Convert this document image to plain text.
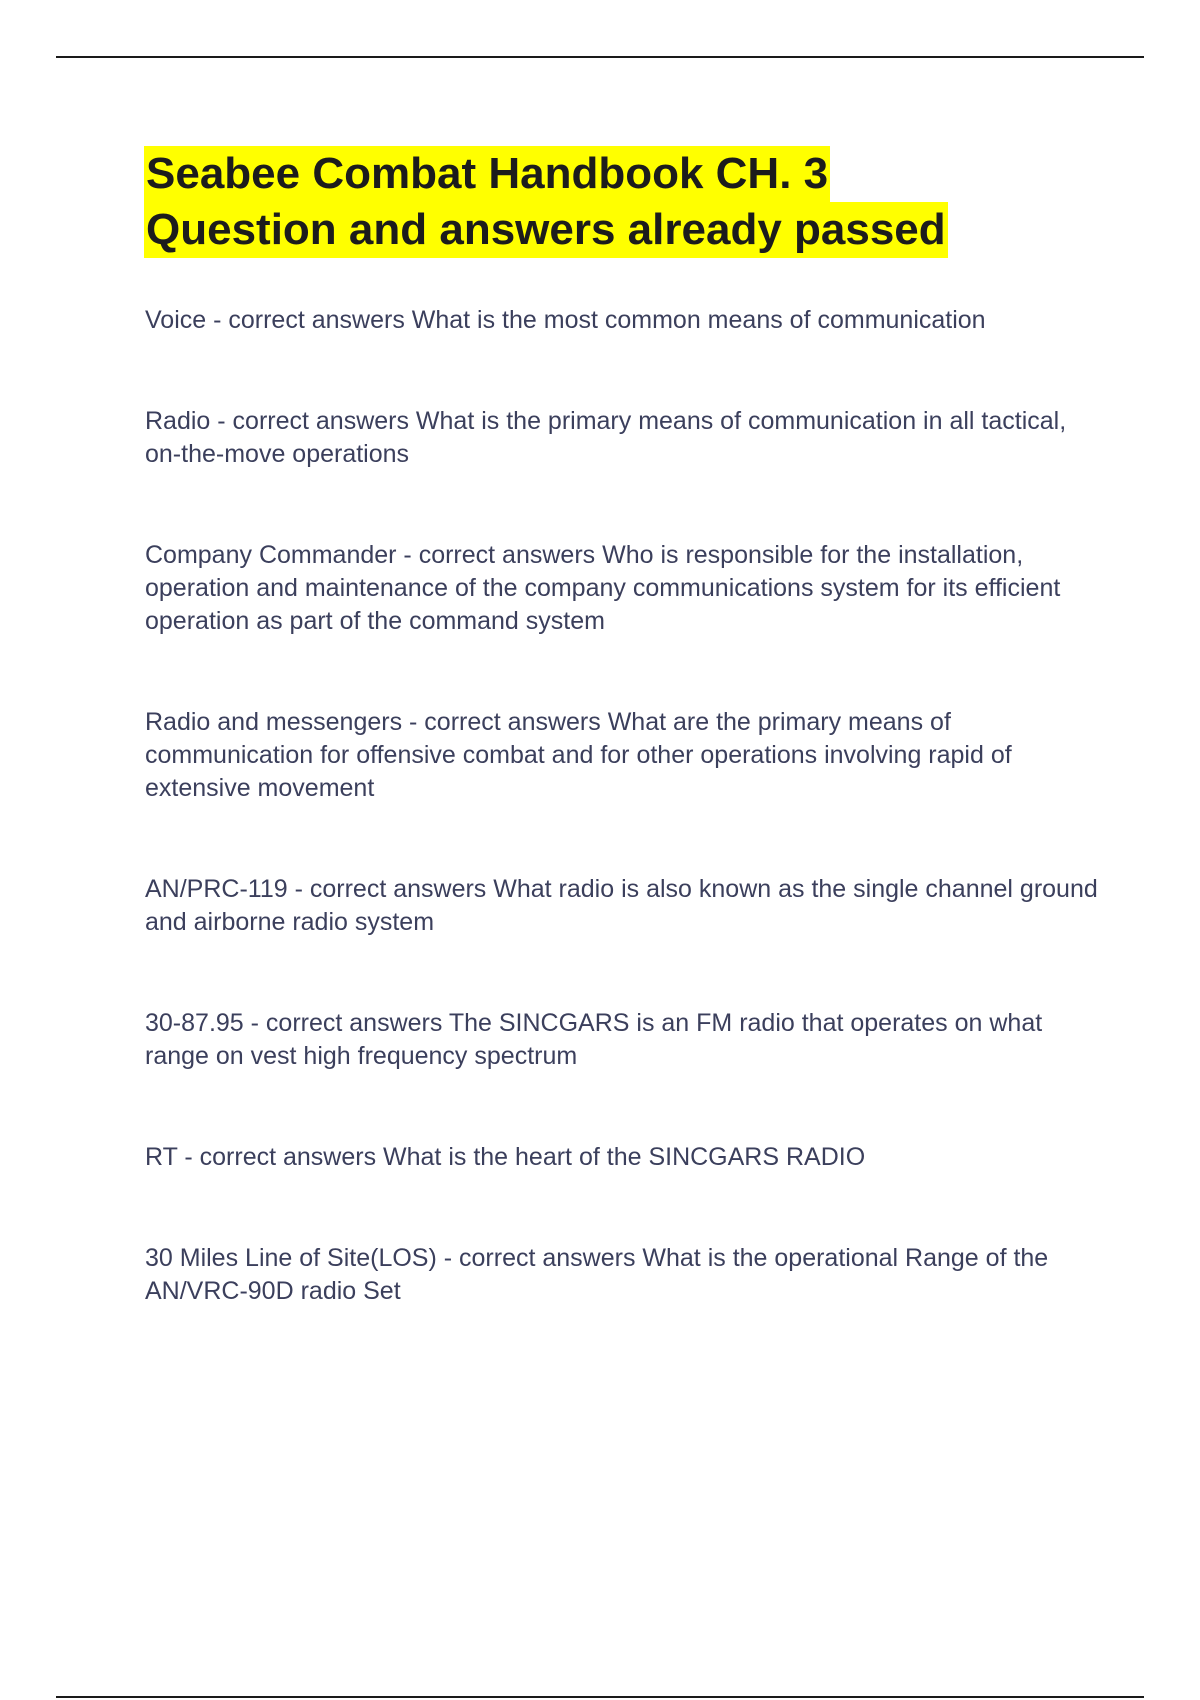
Seabee Combat Handbook CH. 3
Question and answers already passed
Voice - correct answers What is the most common means of communication
Radio - correct answers What is the primary means of communication in all tactical, on-the-move operations
Company Commander - correct answers Who is responsible for the installation, operation and maintenance of the company communications system for its efficient operation as part of the command system
Radio and messengers - correct answers What are the primary means of communication for offensive combat and for other operations involving rapid of extensive movement
AN/PRC-119 - correct answers What radio is also known as the single channel ground and airborne radio system
30-87.95 - correct answers The SINCGARS is an FM radio that operates on what range on vest high frequency spectrum
RT - correct answers What is the heart of the SINCGARS RADIO
30 Miles Line of Site(LOS) - correct answers What is the operational Range of the AN/VRC-90D radio Set
